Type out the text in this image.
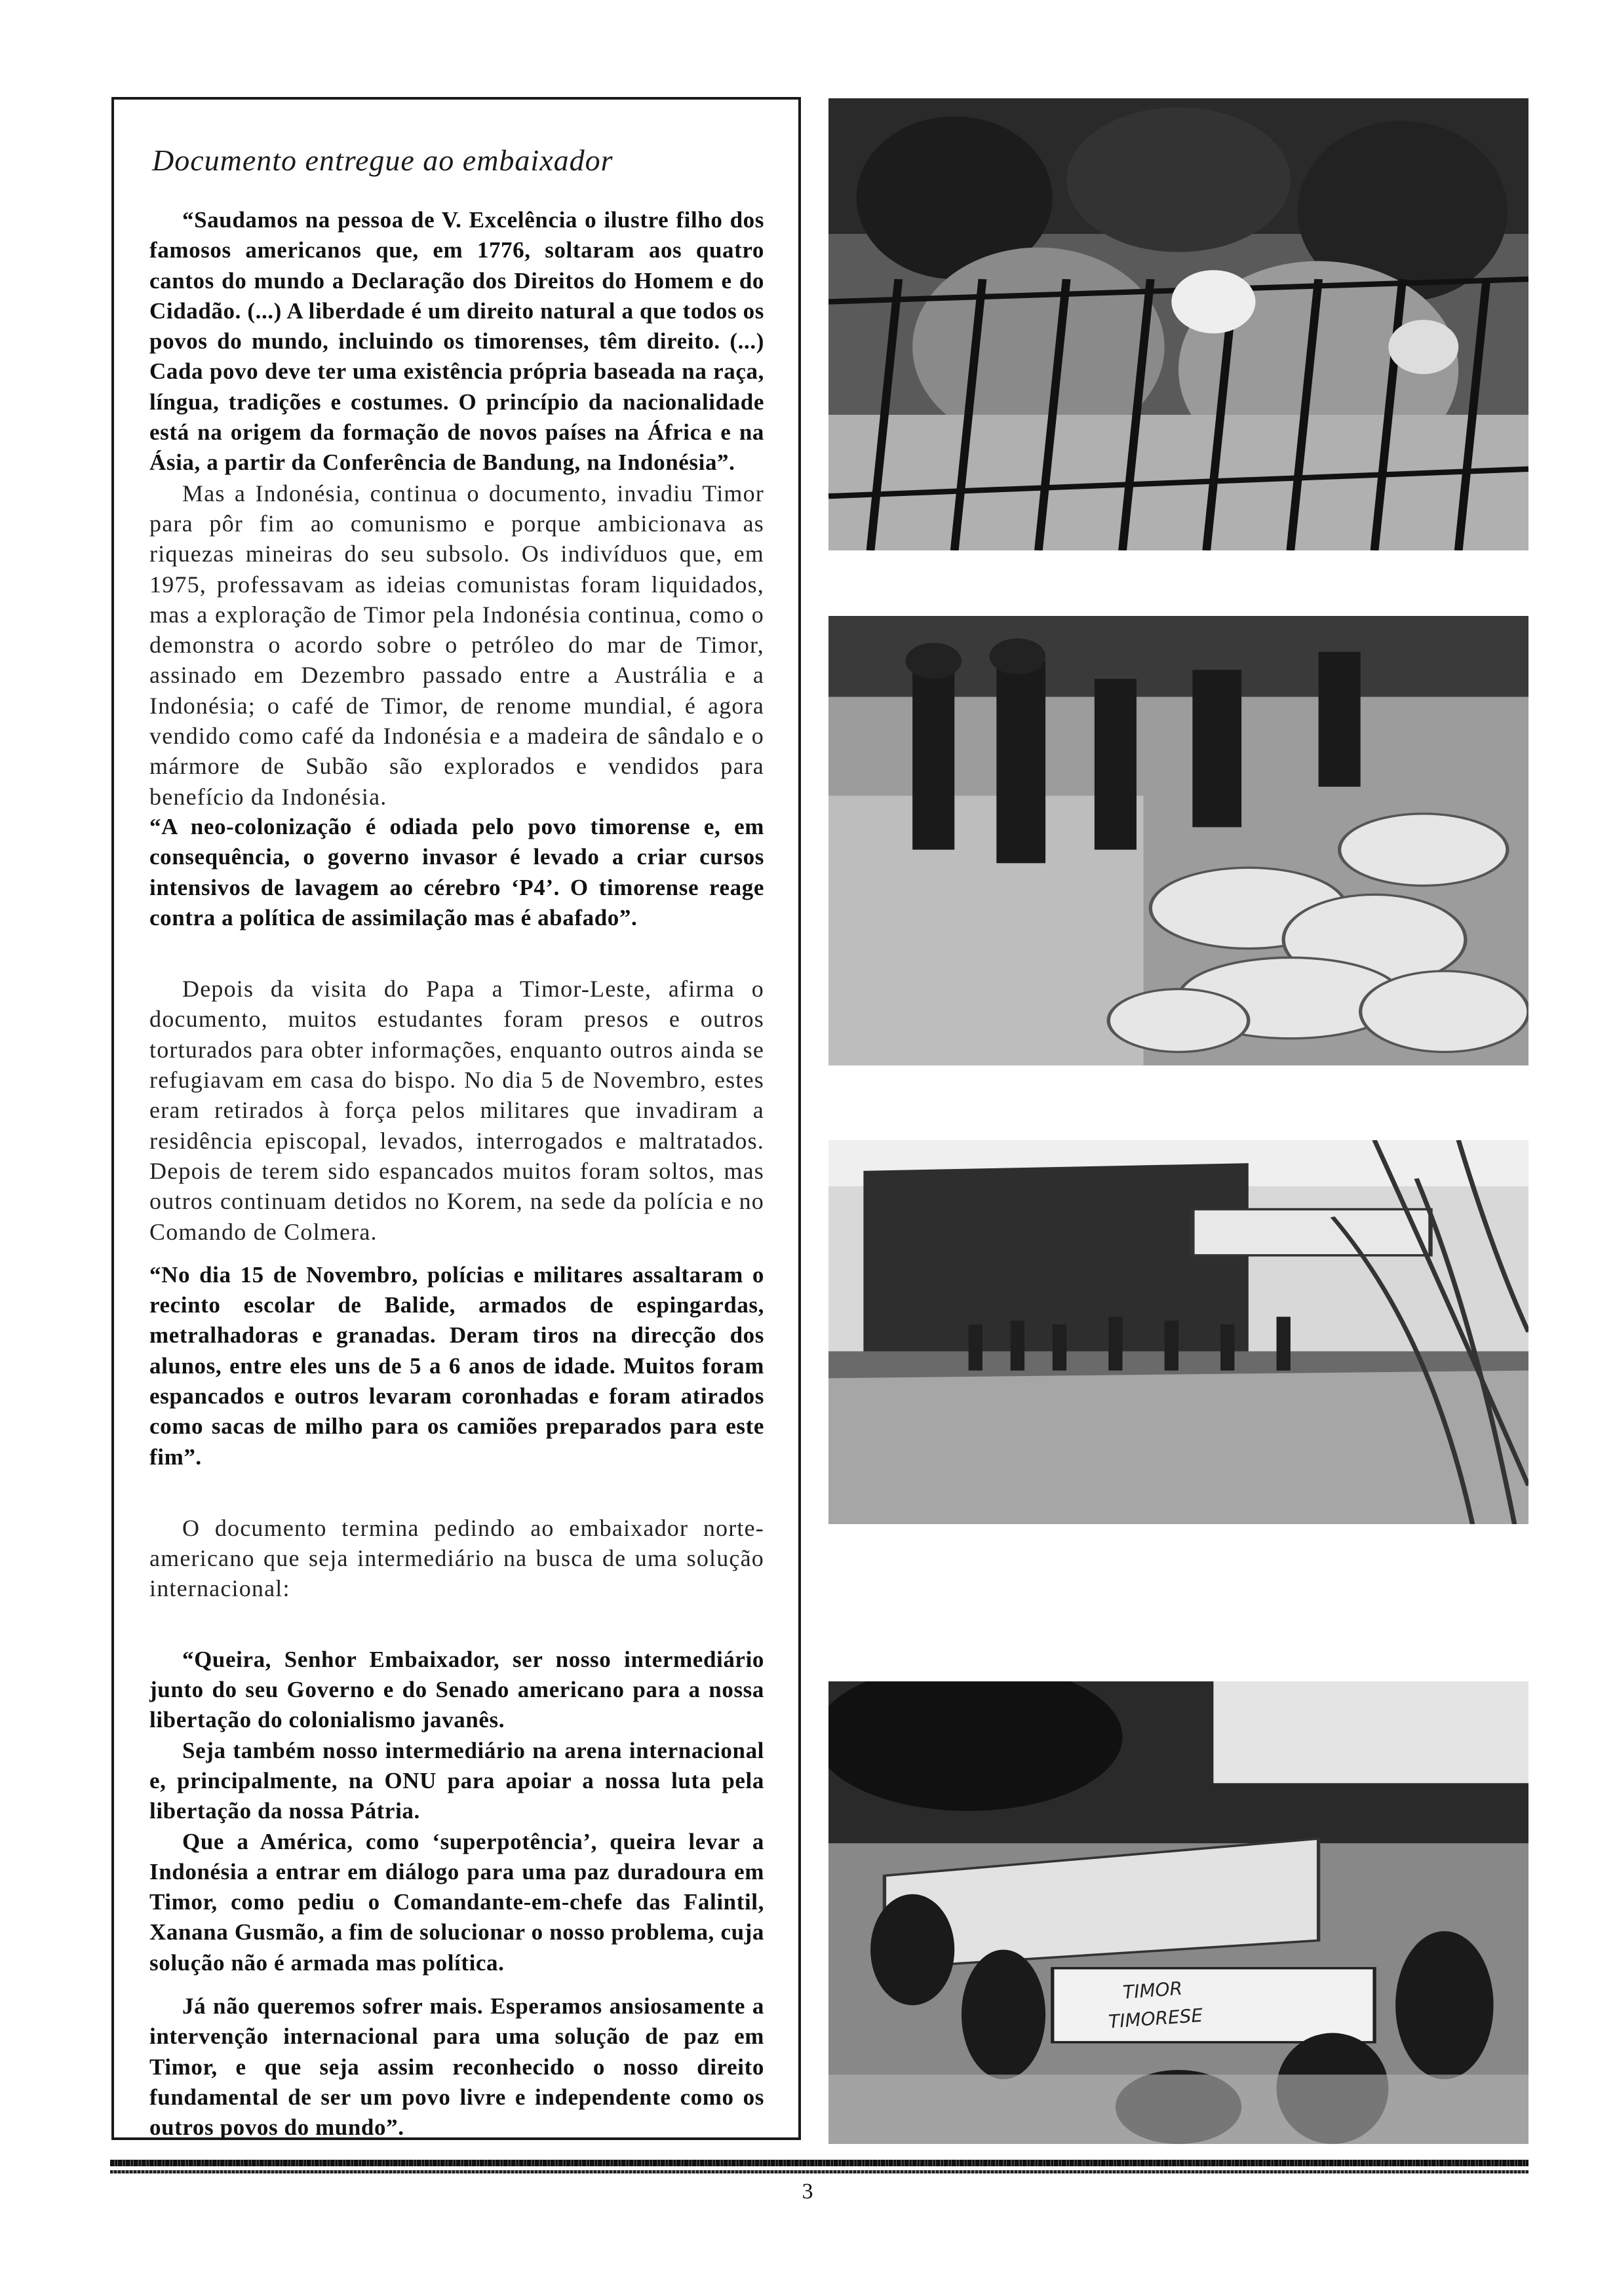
Documento entregue ao embaixador

“Saudamos na pessoa de V. Excelência o ilustre filho dos famosos americanos que, em 1776, soltaram aos quatro cantos do mundo a Declaração dos Direitos do Homem e do Cidadão. (...) A liberdade é um direito natural a que todos os povos do mundo, incluindo os timorenses, têm direito. (...) Cada povo deve ter uma existência própria baseada na raça, língua, tradições e costumes. O princípio da nacionalidade está na origem da formação de novos países na África e na Ásia, a partir da Conferência de Bandung, na Indonésia”.

Mas a Indonésia, continua o documento, invadiu Timor para pôr fim ao comunismo e porque ambicionava as riquezas mineiras do seu subsolo. Os indivíduos que, em 1975, professavam as ideias comunistas foram liquidados, mas a exploração de Timor pela Indonésia continua, como o demonstra o acordo sobre o petróleo do mar de Timor, assinado em Dezembro passado entre a Austrália e a Indonésia; o café de Timor, de renome mundial, é agora vendido como café da Indonésia e a madeira de sândalo e o mármore de Subão são explorados e vendidos para benefício da Indonésia.

“A neo-colonização é odiada pelo povo timorense e, em consequência, o governo invasor é levado a criar cursos intensivos de lavagem ao cérebro ‘P4’. O timorense reage contra a política de assimilação mas é abafado”.

Depois da visita do Papa a Timor-Leste, afirma o documento, muitos estudantes foram presos e outros torturados para obter informações, enquanto outros ainda se refugiavam em casa do bispo. No dia 5 de Novembro, estes eram retirados à força pelos militares que invadiram a residência episcopal, levados, interrogados e maltratados. Depois de terem sido espancados muitos foram soltos, mas outros continuam detidos no Korem, na sede da polícia e no Comando de Colmera.

“No dia 15 de Novembro, polícias e militares assaltaram o recinto escolar de Balide, armados de espingardas, metralhadoras e granadas. Deram tiros na direcção dos alunos, entre eles uns de 5 a 6 anos de idade. Muitos foram espancados e outros levaram coronhadas e foram atirados como sacas de milho para os camiões preparados para este fim”.

O documento termina pedindo ao embaixador norte-americano que seja intermediário na busca de uma solução internacional:

“Queira, Senhor Embaixador, ser nosso intermediário junto do seu Governo e do Senado americano para a nossa libertação do colonialismo javanês.

Seja também nosso intermediário na arena internacional e, principalmente, na ONU para apoiar a nossa luta pela libertação da nossa Pátria.

Que a América, como ‘superpotência’, queira levar a Indonésia a entrar em diálogo para uma paz duradoura em Timor, como pediu o Comandante-em-chefe das Falintil, Xanana Gusmão, a fim de solucionar o nosso problema, cuja solução não é armada mas política.

Já não queremos sofrer mais. Esperamos ansiosamente a intervenção internacional para uma solução de paz em Timor, e que seja assim reconhecido o nosso direito fundamental de ser um povo livre e independente como os outros povos do mundo”.

TIMOR
TIMORESE
3
